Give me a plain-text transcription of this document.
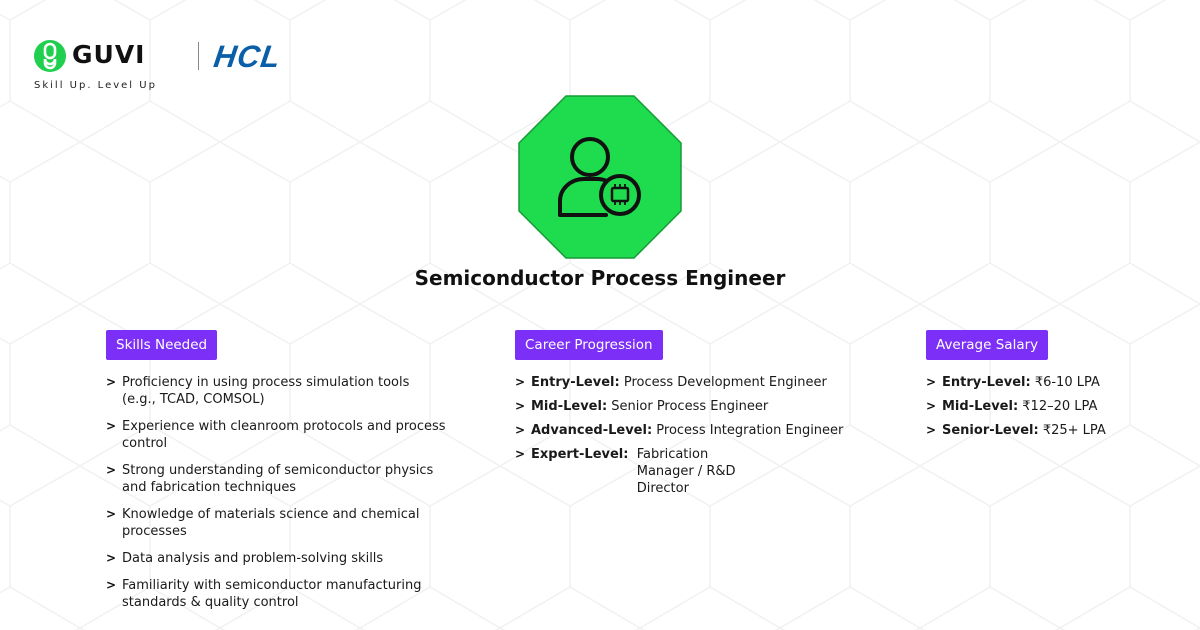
GUVI HCL
Skill Up. Level Up
Semiconductor Process Engineer
Skills Needed
> Proficiency in using process simulation tools (e.g., TCAD, COMSOL)
> Experience with cleanroom protocols and process control
> Strong understanding of semiconductor physics and fabrication techniques
> Knowledge of materials science and chemical processes
> Data analysis and problem-solving skills
> Familiarity with semiconductor manufacturing standards & quality control
Career Progression
> Entry-Level: Process Development Engineer
> Mid-Level: Senior Process Engineer
> Advanced-Level: Process Integration Engineer
> Expert-Level: Fabrication Manager / R&D Director
Average Salary
> Entry-Level: ₹6-10 LPA
> Mid-Level: ₹12–20 LPA
> Senior-Level: ₹25+ LPA
